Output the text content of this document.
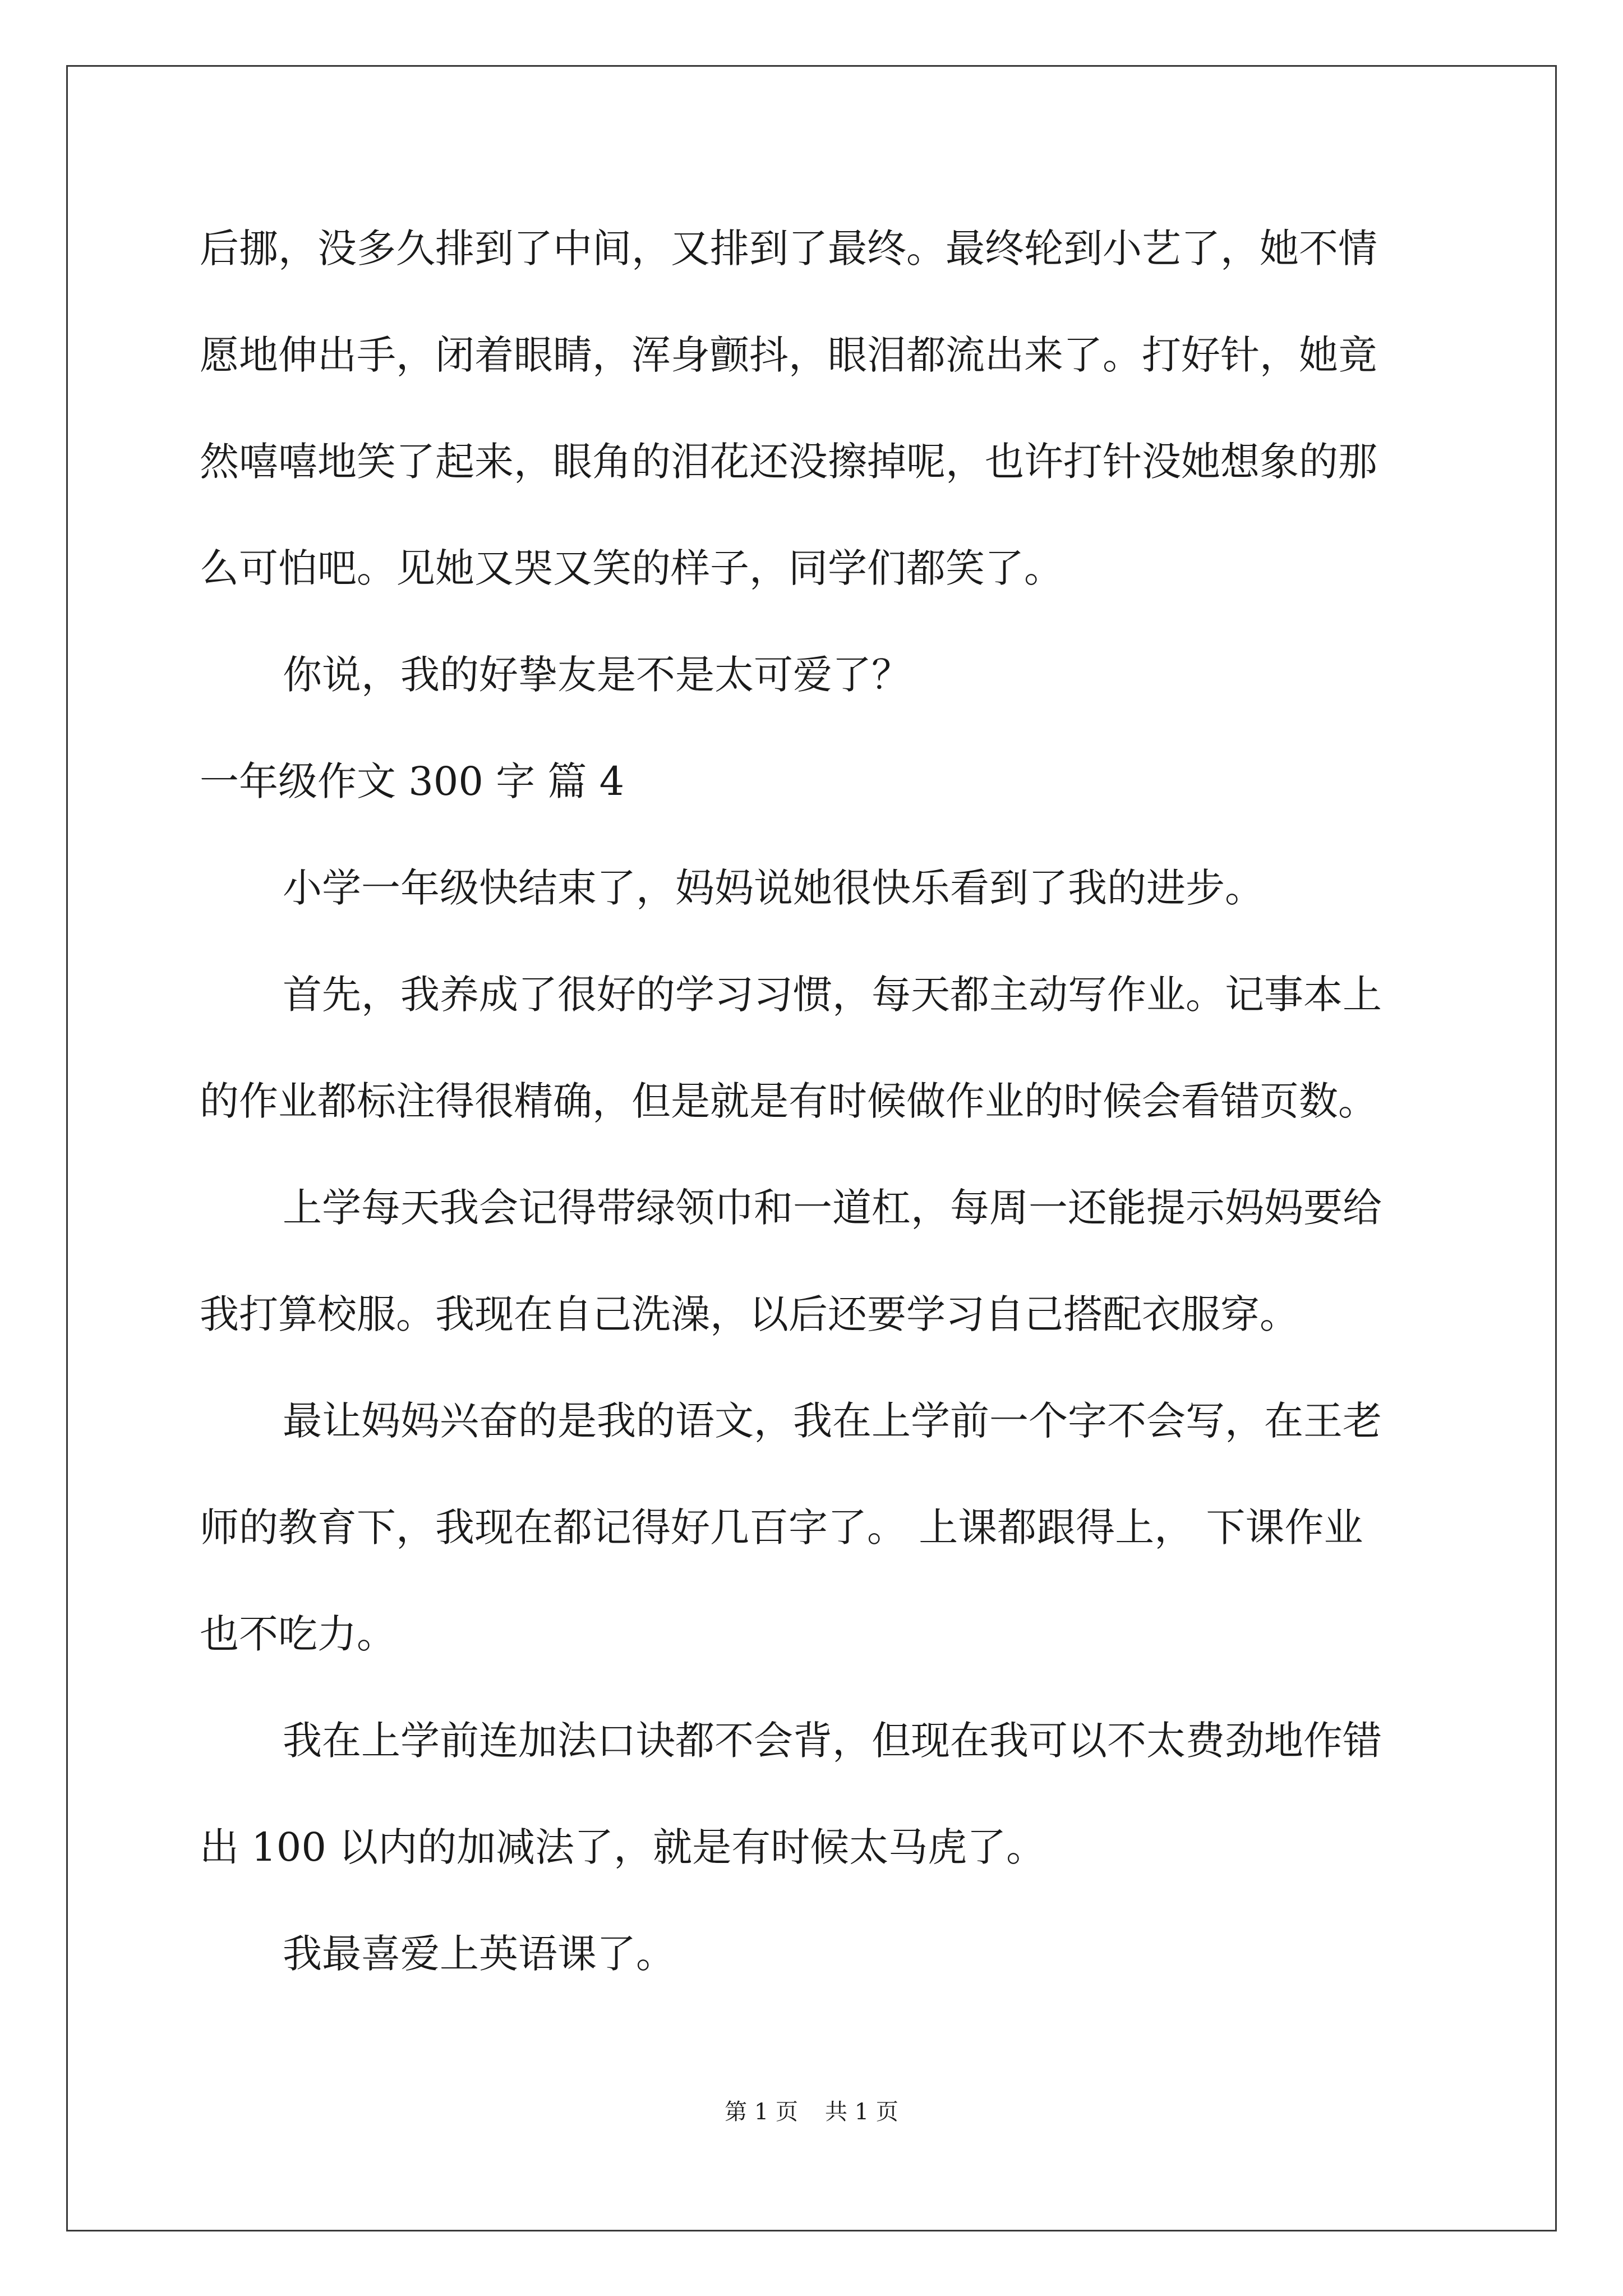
后挪，没多久排到了中间，又排到了最终。最终轮到小艺了，她不情
愿地伸出手，闭着眼睛，浑身颤抖，眼泪都流出来了。打好针，她竟
然嘻嘻地笑了起来，眼角的泪花还没擦掉呢，也许打针没她想象的那
么可怕吧。见她又哭又笑的样子，同学们都笑了。
你说，我的好挚友是不是太可爱了？
一年级作文 300 字 篇 4
小学一年级快结束了，妈妈说她很快乐看到了我的进步。
首先，我养成了很好的学习习惯，每天都主动写作业。记事本上
的作业都标注得很精确，但是就是有时候做作业的时候会看错页数。
上学每天我会记得带绿领巾和一道杠，每周一还能提示妈妈要给
我打算校服。我现在自己洗澡，以后还要学习自己搭配衣服穿。
最让妈妈兴奋的是我的语文，我在上学前一个字不会写，在王老
师的教育下，我现在都记得好几百字了。 上课都跟得上， 下课作业
也不吃力。
我在上学前连加法口诀都不会背，但现在我可以不太费劲地作错
出 100 以内的加减法了，就是有时候太马虎了。
我最喜爱上英语课了。
第 1 页 共 1 页
